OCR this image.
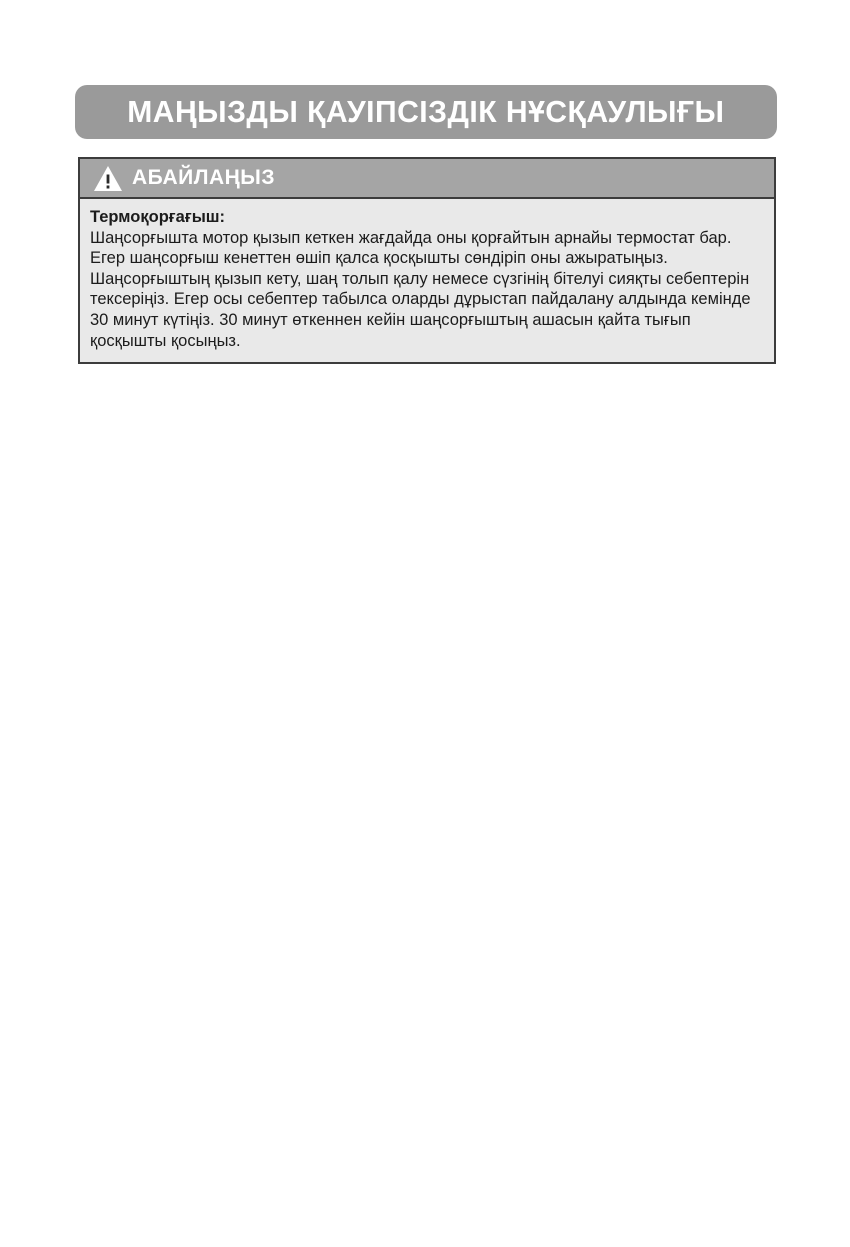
МАҢЫЗДЫ ҚАУІПСІЗДІК НҰСҚАУЛЫҒЫ
АБАЙЛАҢЫЗ
Термоқорғағыш:
Шаңсорғышта мотор қызып кеткен жағдайда оны қорғайтын арнайы термостат бар.
Егер шаңсорғыш кенеттен өшіп қалса қосқышты сөндіріп оны ажыратыңыз.
Шаңсорғыштың қызып кету, шаң толып қалу немесе сүзгінің бітелуі сияқты себептерін
тексеріңіз. Егер осы себептер табылса оларды дұрыстап пайдалану алдында кемінде
30 минут күтіңіз. 30 минут өткеннен кейін шаңсорғыштың ашасын қайта тығып
қосқышты қосыңыз.
